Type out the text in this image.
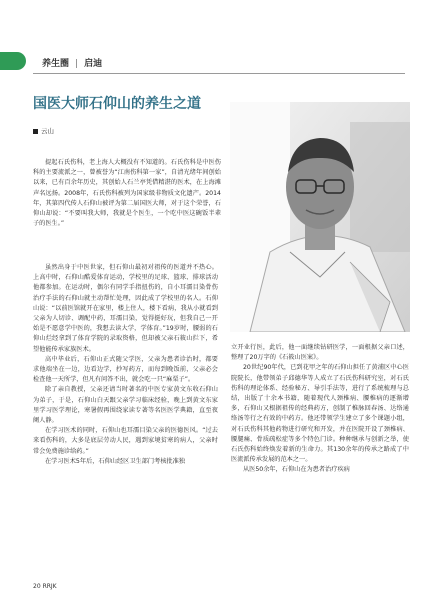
养生圈 | 启迪
国医大师石仰山的养生之道
云山

提起石氏伤科，老上海人大概没有不知道的。石氏伤科是中医伤科的主要流派之一，曾被誉为“江南伤科第一家”，自清光绪年间创始以来，已有百余年历史，其创始人石兰亭凭借精湛的医术，在上海滩声名远扬。2008年，石氏伤科被列为国家级非物质文化遗产。2014年，其第四代传人石仰山被评为第二届国医大师，对于这个荣誉，石仰山却说：“不要叫我大师，我就是个医生，一个吃中医这碗饭半辈子的医生。”

虽然出身于中医世家，但石仰山最初对祖传的医道并不热心。上高中时，石仰山酷爱体育运动，学校里的足球、篮球、排球活动他都参加。在运动时，偶尔有同学手指扭伤的，自小耳濡目染骨伤治疗手法的石仰山就主动帮忙处理，因此成了学校里的名人。石仰山说：“以前医馆就开在家里，楼上住人，楼下看病，我从小就看到父亲为人切诊、调配中药，耳濡目染，觉得挺好玩，但我自己一开始是不愿意学中医的，我想去读大学，学体育。”19岁时，腰弱的石仰山烂经拿到了体育学院的录取资格，但却被父亲石筱山拦下，希望他能传承家族医术。

高中毕业后，石仰山正式随父学医，父亲为患者诊治时，都要求他端坐在一边，边看边学，抄写药方，而每到晚饭前，父亲必会检查他一天所学，但凡有问答不出，就会吃一只“麻栗子”。

除了亲自教授，父亲还请当时著名的中医专家黄文东收石仰山为弟子，于是，石仰山白天跟父亲学习临床经验，晚上到黄文东家里学习医学理论，寒暑假再围绕家读专著等名医医学典籍，直至夜阑人静。

在学习医术的同时，石仰山也耳濡目染父亲的医德医风。“过去来看伤科的，大多是底层劳动人民，遇到家境贫寒的病人，父亲时常会免费施诊给药。”

在学习医术5年后，石仰山经区卫生部门考核批准独

立开业行医，此后，他一面继续钻研医学，一面根据父亲口述，整理了20万字的《石筱山医案》。

20世纪90年代，已到花甲之年的石仰山担任了黄浦区中心医院院长，他带领弟子邱德华等人成立了石氏伤科研究室，对石氏伤科的理论体系、经验秘方、导引手法等，进行了系统梳理与总结，出版了十余本书籍，随着现代人颈椎病、腰椎病的逐渐增多，石仰山又根据祖传的经典药方，创制了椎脉回春汤、达络通络汤等行之有效的中药方。他还带领学生建立了多个课题小组，对石氏伤科其他药物进行研究和开发，并在医院开设了颈椎病、腰腿痛、骨质疏松症等多个特色门诊。种种继承与创新之举，使石氏伤科始终焕发着新的生命力。其130余年的传承之路成了中医流派传承发展的范本之一。

从医50余年，石仰山在为患者治疗疾病

20 RRJK
